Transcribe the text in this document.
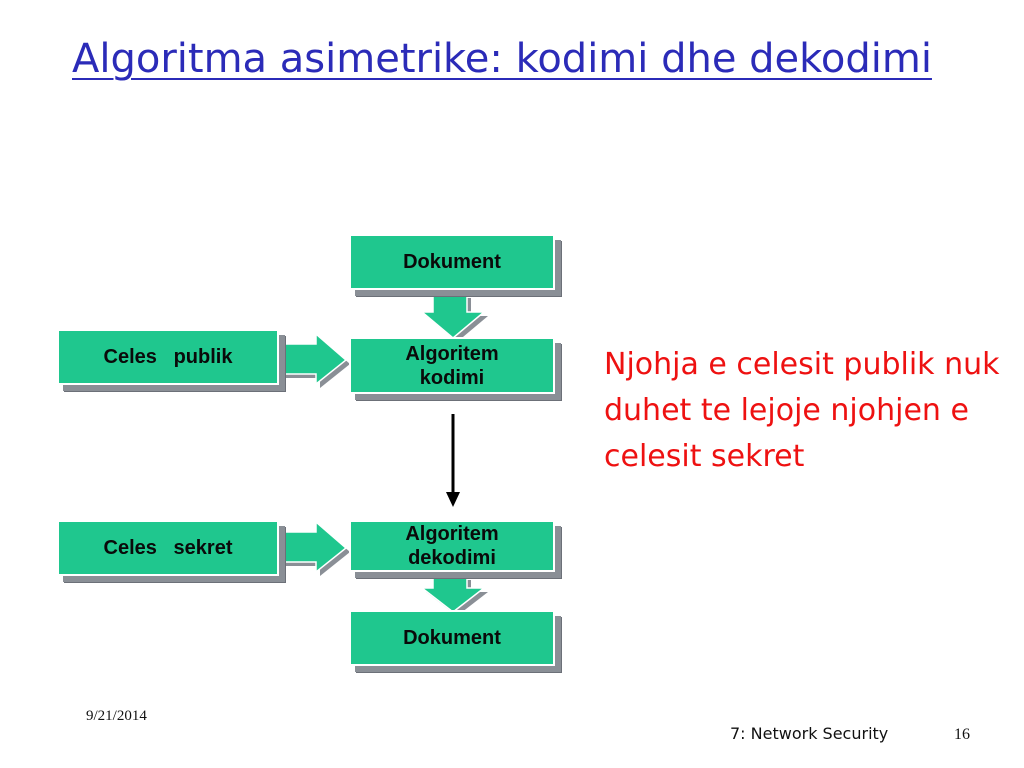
Algoritma asimetrike: kodimi dhe dekodimi
Dokument
Celes   publik	Algoritem
kodimi
Celes   sekret
Algoritem
dekodimi
Dokument

Njohja e celesit publik nuk duhet te lejoje njohjen e celesit sekret

9/21/2014
7: Network Security	16
